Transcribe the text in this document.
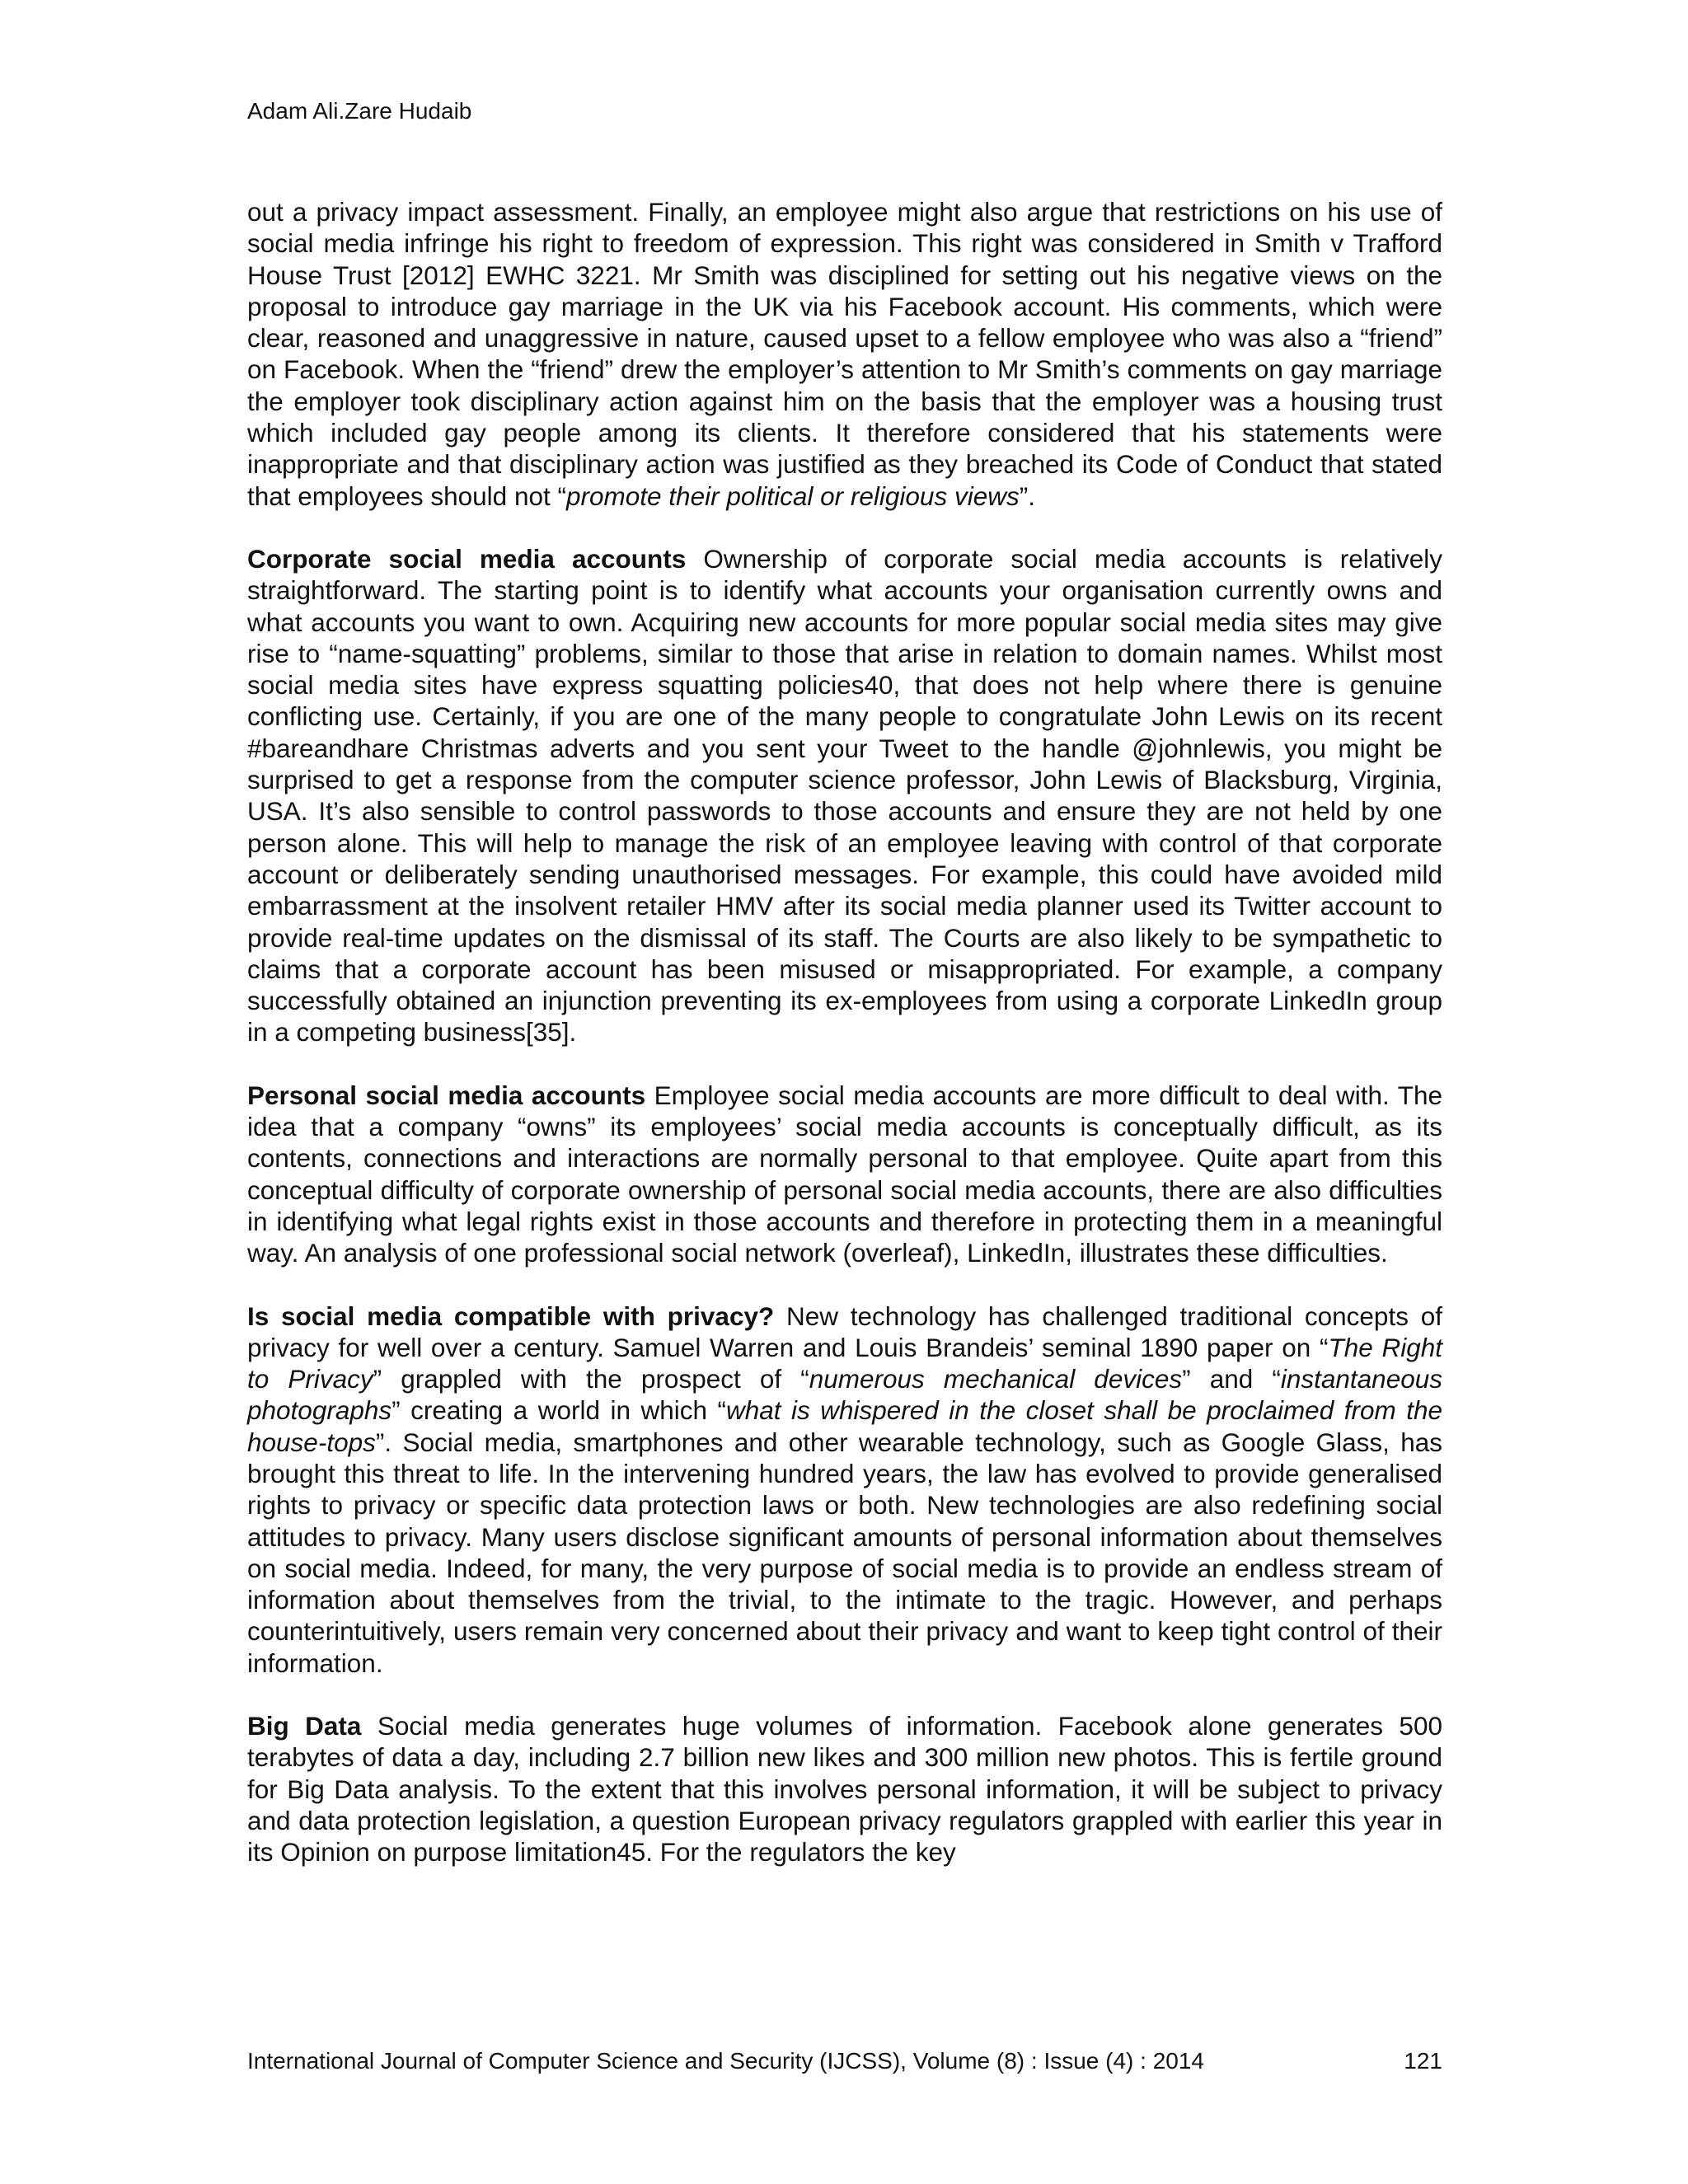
Adam Ali.Zare Hudaib

out a privacy impact assessment. Finally, an employee might also argue that restrictions on his use of social media infringe his right to freedom of expression. This right was considered in Smith v Trafford House Trust [2012] EWHC 3221. Mr Smith was disciplined for setting out his negative views on the proposal to introduce gay marriage in the UK via his Facebook account. His comments, which were clear, reasoned and unaggressive in nature, caused upset to a fellow employee who was also a “friend” on Facebook. When the “friend” drew the employer’s attention to Mr Smith’s comments on gay marriage the employer took disciplinary action against him on the basis that the employer was a housing trust which included gay people among its clients. It therefore considered that his statements were inappropriate and that disciplinary action was justified as they breached its Code of Conduct that stated that employees should not “promote their political or religious views”.

Corporate social media accounts Ownership of corporate social media accounts is relatively straightforward. The starting point is to identify what accounts your organisation currently owns and what accounts you want to own. Acquiring new accounts for more popular social media sites may give rise to “name-squatting” problems, similar to those that arise in relation to domain names. Whilst most social media sites have express squatting policies40, that does not help where there is genuine conflicting use. Certainly, if you are one of the many people to congratulate John Lewis on its recent #bareandhare Christmas adverts and you sent your Tweet to the handle @johnlewis, you might be surprised to get a response from the computer science professor, John Lewis of Blacksburg, Virginia, USA. It’s also sensible to control passwords to those accounts and ensure they are not held by one person alone. This will help to manage the risk of an employee leaving with control of that corporate account or deliberately sending unauthorised messages. For example, this could have avoided mild embarrassment at the insolvent retailer HMV after its social media planner used its Twitter account to provide real-time updates on the dismissal of its staff. The Courts are also likely to be sympathetic to claims that a corporate account has been misused or misappropriated. For example, a company successfully obtained an injunction preventing its ex-employees from using a corporate LinkedIn group in a competing business[35].

Personal social media accounts Employee social media accounts are more difficult to deal with. The idea that a company “owns” its employees’ social media accounts is conceptually difficult, as its contents, connections and interactions are normally personal to that employee. Quite apart from this conceptual difficulty of corporate ownership of personal social media accounts, there are also difficulties in identifying what legal rights exist in those accounts and therefore in protecting them in a meaningful way. An analysis of one professional social network (overleaf), LinkedIn, illustrates these difficulties.

Is social media compatible with privacy? New technology has challenged traditional concepts of privacy for well over a century. Samuel Warren and Louis Brandeis’ seminal 1890 paper on “The Right to Privacy” grappled with the prospect of “numerous mechanical devices” and “instantaneous photographs” creating a world in which “what is whispered in the closet shall be proclaimed from the house-tops”. Social media, smartphones and other wearable technology, such as Google Glass, has brought this threat to life. In the intervening hundred years, the law has evolved to provide generalised rights to privacy or specific data protection laws or both. New technologies are also redefining social attitudes to privacy. Many users disclose significant amounts of personal information about themselves on social media. Indeed, for many, the very purpose of social media is to provide an endless stream of information about themselves from the trivial, to the intimate to the tragic. However, and perhaps counterintuitively, users remain very concerned about their privacy and want to keep tight control of their information.

Big Data Social media generates huge volumes of information. Facebook alone generates 500 terabytes of data a day, including 2.7 billion new likes and 300 million new photos. This is fertile ground for Big Data analysis. To the extent that this involves personal information, it will be subject to privacy and data protection legislation, a question European privacy regulators grappled with earlier this year in its Opinion on purpose limitation45. For the regulators the key

International Journal of Computer Science and Security (IJCSS), Volume (8) : Issue (4) : 2014	121
